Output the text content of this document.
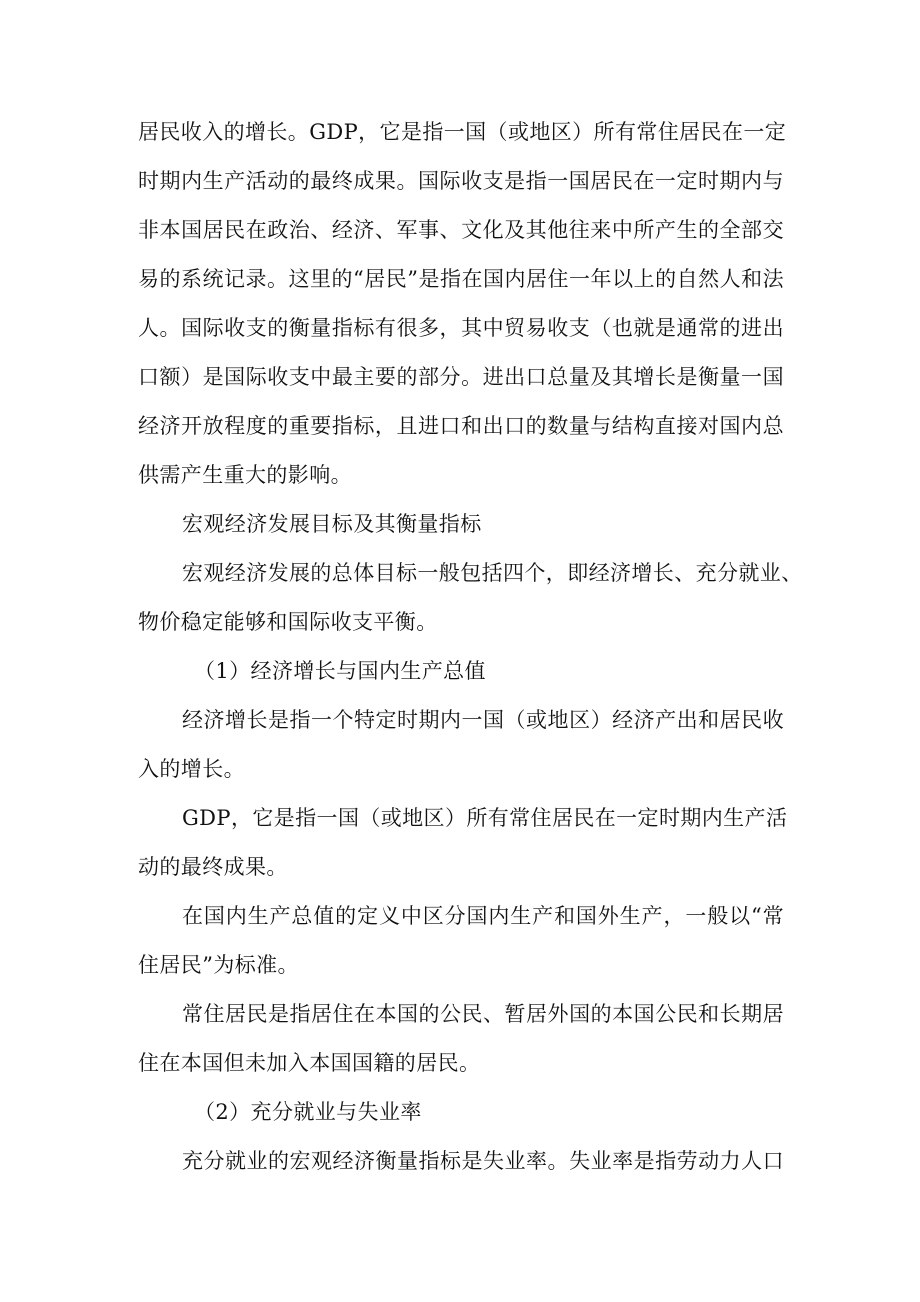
居民收入的增长。GDP，它是指一国（或地区）所有常住居民在一定
时期内生产活动的最终成果。国际收支是指一国居民在一定时期内与
非本国居民在政治、经济、军事、文化及其他往来中所产生的全部交
易的系统记录。这里的“居民”是指在国内居住一年以上的自然人和法
人。国际收支的衡量指标有很多，其中贸易收支（也就是通常的进出
口额）是国际收支中最主要的部分。进出口总量及其增长是衡量一国
经济开放程度的重要指标，且进口和出口的数量与结构直接对国内总
供需产生重大的影响。
宏观经济发展目标及其衡量指标
宏观经济发展的总体目标一般包括四个，即经济增长、充分就业、
物价稳定能够和国际收支平衡。
（1）经济增长与国内生产总值
经济增长是指一个特定时期内一国（或地区）经济产出和居民收
入的增长。
GDP，它是指一国（或地区）所有常住居民在一定时期内生产活
动的最终成果。
在国内生产总值的定义中区分国内生产和国外生产，一般以“常
住居民”为标准。
常住居民是指居住在本国的公民、暂居外国的本国公民和长期居
住在本国但未加入本国国籍的居民。
（2）充分就业与失业率
充分就业的宏观经济衡量指标是失业率。失业率是指劳动力人口
